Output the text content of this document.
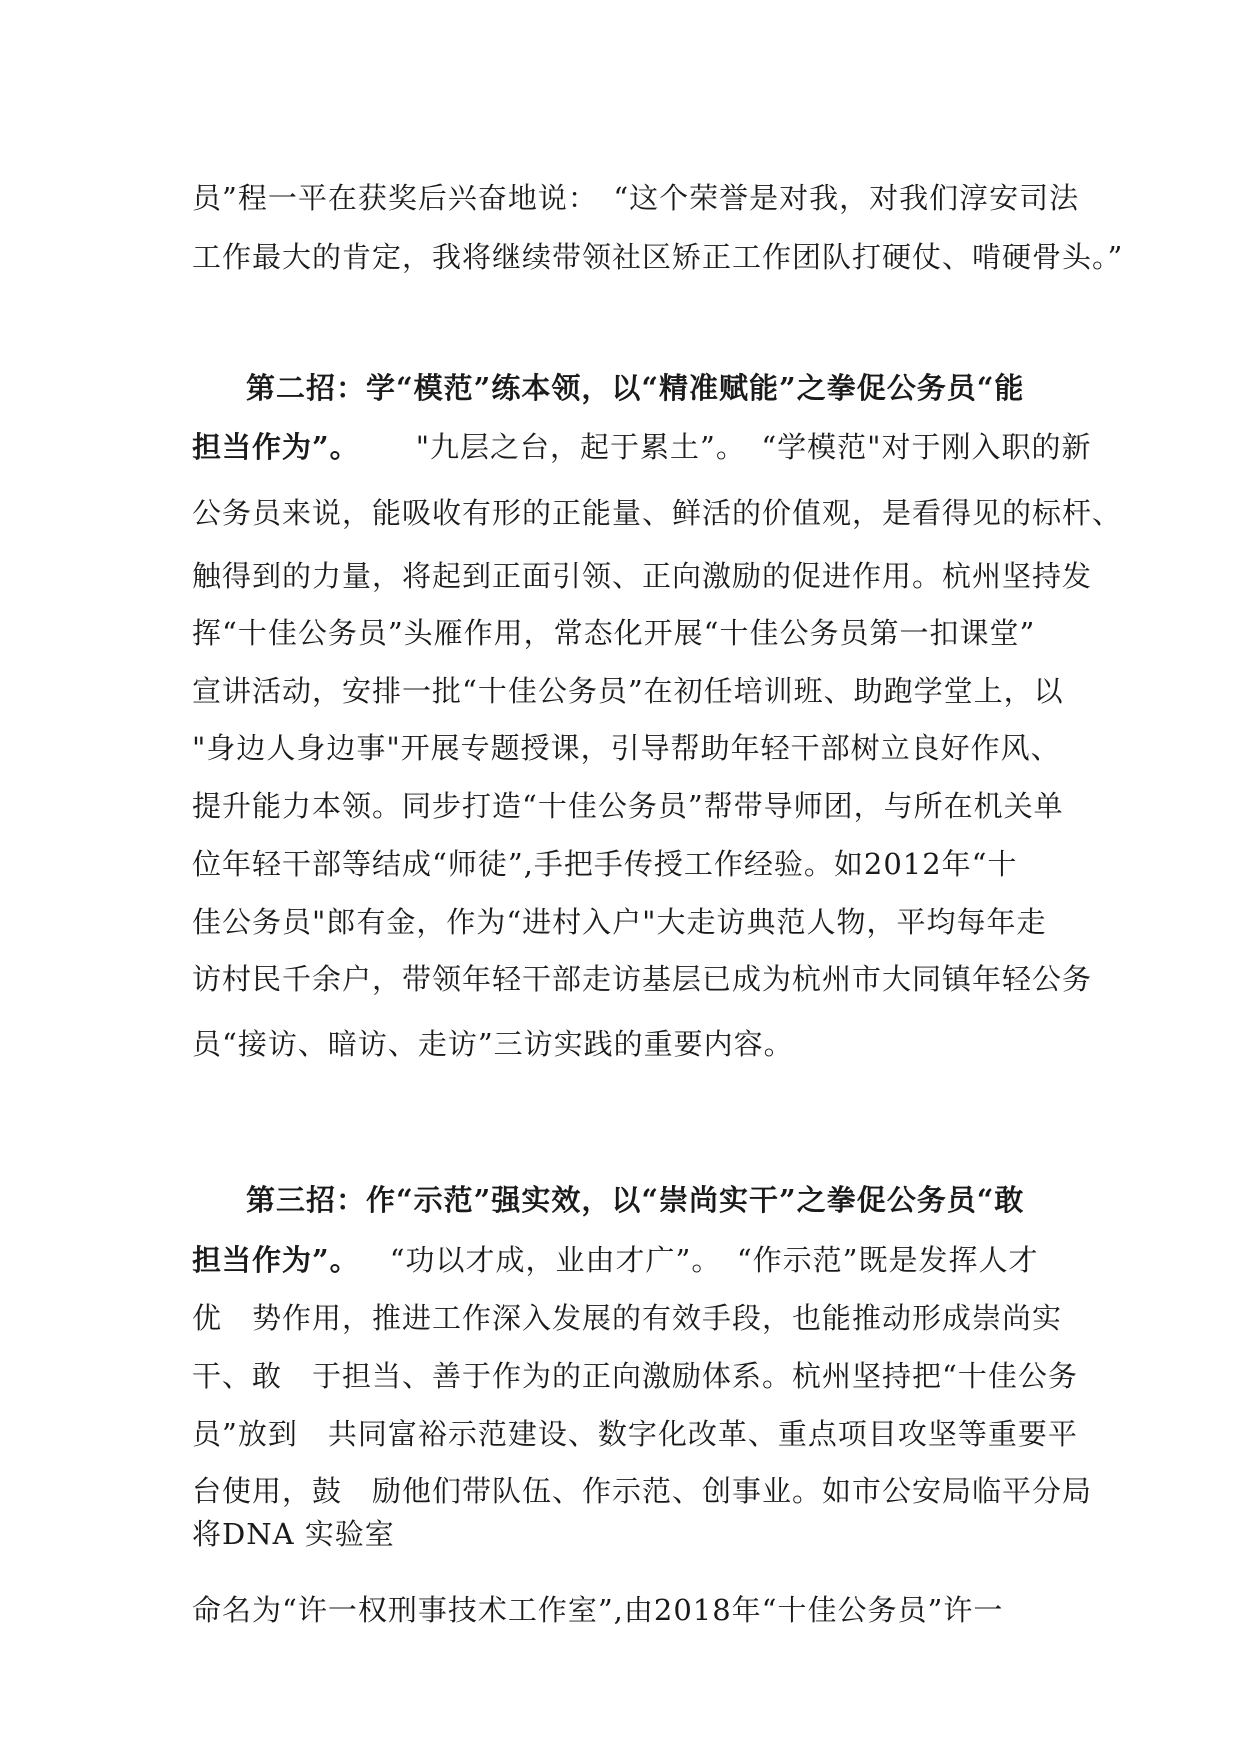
员”程一平在获奖后兴奋地说：　“这个荣誉是对我，对我们淳安司法
工作最大的肯定，我将继续带领社区矫正工作团队打硬仗、啃硬骨头。”
第二招：学“模范”练本领，以“精准赋能”之拳促公务员“能
担当作为”。 "九层之台，起于累土”。　“学模范"对于刚入职的新
公务员来说，能吸收有形的正能量、鲜活的价值观，是看得见的标杆、
触得到的力量，将起到正面引领、正向激励的促进作用。杭州坚持发
挥“十佳公务员”头雁作用，常态化开展“十佳公务员第一扣课堂”
宣讲活动，安排一批“十佳公务员”在初任培训班、助跑学堂上，以
"身边人身边事"开展专题授课，引导帮助年轻干部树立良好作风、
提升能力本领。同步打造“十佳公务员”帮带导师团，与所在机关单
位年轻干部等结成“师徒”,手把手传授工作经验。如2012年“十
佳公务员"郎有金，作为“进村入户"大走访典范人物，平均每年走
访村民千余户，带领年轻干部走访基层已成为杭州市大同镇年轻公务
员“接访、暗访、走访”三访实践的重要内容。
第三招：作“示范”强实效，以“崇尚实干”之拳促公务员“敢
担当作为”。 “功以才成，业由才广”。　“作示范”既是发挥人才
优　势作用，推进工作深入发展的有效手段，也能推动形成崇尚实
干、敢　于担当、善于作为的正向激励体系。杭州坚持把“十佳公务
员”放到　共同富裕示范建设、数字化改革、重点项目攻坚等重要平
台使用，鼓　励他们带队伍、作示范、创事业。如市公安局临平分局
将DNA 实验室
命名为“许一权刑事技术工作室”,由2018年“十佳公务员”许一
